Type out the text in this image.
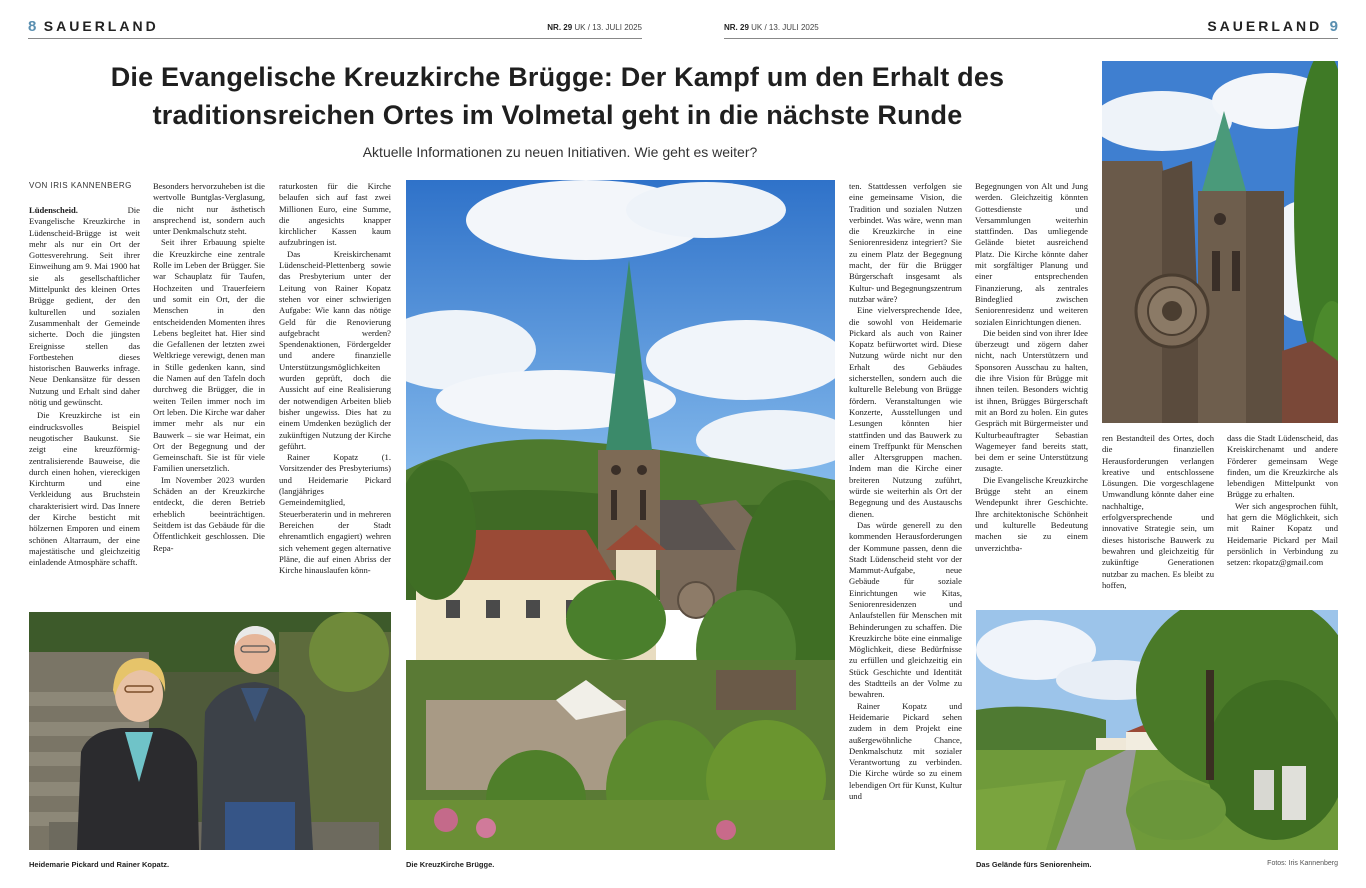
8 SAUERLAND	NR. 29 UK / 13. JULI 2025	NR. 29 UK / 13. JULI 2025	SAUERLAND 9
Die Evangelische Kreuzkirche Brügge: Der Kampf um den Erhalt des
traditionsreichen Ortes im Volmetal geht in die nächste Runde
Aktuelle Informationen zu neuen Initiativen. Wie geht es weiter?
VON IRIS KANNENBERG

Lüdenscheid. Die Evangelische Kreuzkirche in Lüdenscheid-Brügge ist weit mehr als nur ein Ort der Gottesverehrung. Seit ihrer Einweihung am 9. Mai 1900 hat sie als gesellschaftlicher Mittelpunkt des kleinen Ortes Brügge gedient, der den kulturellen und sozialen Zusammenhalt der Gemeinde sicherte. Doch die jüngsten Ereignisse stellen das Fortbestehen dieses historischen Bauwerks infrage. Neue Denkansätze für dessen Nutzung und Erhalt sind daher nötig und gewünscht.

Die Kreuzkirche ist ein eindrucksvolles Beispiel neugotischer Baukunst. Sie zeigt eine kreuzförmig-zentralisierende Bauweise, die durch einen hohen, viereckigen Kirchturm und eine Verkleidung aus Bruchstein charakterisiert wird. Das Innere der Kirche besticht mit hölzernen Emporen und einem schönen Altarraum, der eine majestätische und gleichzeitig einladende Atmosphäre schafft.

Besonders hervorzuheben ist die wertvolle Buntglas-Verglasung, die nicht nur ästhetisch ansprechend ist, sondern auch unter Denkmalschutz steht.

Seit ihrer Erbauung spielte die Kreuzkirche eine zentrale Rolle im Leben der Brügger. Sie war Schauplatz für Taufen, Hochzeiten und Trauerfeiern und somit ein Ort, der die Menschen in den entscheidenden Momenten ihres Lebens begleitet hat. Hier sind die Gefallenen der letzten zwei Weltkriege verewigt, denen man in Stille gedenken kann, sind die Namen auf den Tafeln doch durchweg die Brügger, die in weiten Teilen immer noch im Ort leben. Die Kirche war daher immer mehr als nur ein Bauwerk – sie war Heimat, ein Ort der Begegnung und der Gemeinschaft. Sie ist für viele Familien unersetzlich.

Im November 2023 wurden Schäden an der Kreuzkirche entdeckt, die deren Betrieb erheblich beeinträchtigen. Seitdem ist das Gebäude für die Öffentlichkeit geschlossen. Die Repa-

raturkosten für die Kirche belaufen sich auf fast zwei Millionen Euro, eine Summe, die angesichts knapper kirchlicher Kassen kaum aufzubringen ist.

Das Kreiskirchenamt Lüdenscheid-Plettenberg sowie das Presbyterium unter der Leitung von Rainer Kopatz stehen vor einer schwierigen Aufgabe: Wie kann das nötige Geld für die Renovierung aufgebracht werden? Spendenaktionen, Fördergelder und andere finanzielle Unterstützungsmöglichkeiten wurden geprüft, doch die Aussicht auf eine Realisierung der notwendigen Arbeiten blieb bisher ungewiss. Dies hat zu einem Umdenken bezüglich der zukünftigen Nutzung der Kirche geführt.

Rainer Kopatz (1. Vorsitzender des Presbyteriums) und Heidemarie Pickard (langjähriges Gemeindemitglied, Steuerberaterin und in mehreren Bereichen der Stadt ehrenamtlich engagiert) wehren sich vehement gegen alternative Pläne, die auf einen Abriss der Kirche hinauslaufen könn-

Heidemarie Pickard und Rainer Kopatz.	Die KreuzKirche Brügge.

ten. Stattdessen verfolgen sie eine gemeinsame Vision, die Tradition und sozialen Nutzen verbindet. Was wäre, wenn man die Kreuzkirche in eine Seniorenresidenz integriert? Sie zu einem Platz der Begegnung macht, der für die Brügger Bürgerschaft insgesamt als Kultur- und Begegnungszentrum nutzbar wäre?

Eine vielversprechende Idee, die sowohl von Heidemarie Pickard als auch von Rainer Kopatz befürwortet wird. Diese Nutzung würde nicht nur den Erhalt des Gebäudes sicherstellen, sondern auch die kulturelle Belebung von Brügge fördern. Veranstaltungen wie Konzerte, Ausstellungen und Lesungen könnten hier stattfinden und das Bauwerk zu einem Treffpunkt für Menschen aller Altersgruppen machen. Indem man die Kirche einer breiteren Nutzung zuführt, würde sie weiterhin als Ort der Begegnung und des Austauschs dienen.

Das würde generell zu den kommenden Herausforderungen der Kommune passen, denn die Stadt Lüdenscheid steht vor der Mammut-Aufgabe, neue Gebäude für soziale Einrichtungen wie Kitas, Seniorenresidenzen und Anlaufstellen für Menschen mit Behinderungen zu schaffen. Die Kreuzkirche böte eine einmalige Möglichkeit, diese Bedürfnisse zu erfüllen und gleichzeitig ein Stück Geschichte und Identität des Stadtteils an der Volme zu bewahren.

Rainer Kopatz und Heidemarie Pickard sehen zudem in dem Projekt eine außergewöhnliche Chance, Denkmalschutz mit sozialer Verantwortung zu verbinden. Die Kirche würde so zu einem lebendigen Ort für Kunst, Kultur und

Begegnungen von Alt und Jung werden. Gleichzeitig könnten Gottesdienste und Versammlungen weiterhin stattfinden. Das umliegende Gelände bietet ausreichend Platz. Die Kirche könnte daher mit sorgfältiger Planung und einer entsprechenden Finanzierung, als zentrales Bindeglied zwischen Seniorenresidenz und weiteren sozialen Einrichtungen dienen.

Die beiden sind von ihrer Idee überzeugt und zögern daher nicht, nach Unterstützern und Sponsoren Ausschau zu halten, die ihre Vision für Brügge mit ihnen teilen. Besonders wichtig ist ihnen, Brügges Bürgerschaft mit an Bord zu holen. Ein gutes Gespräch mit Bürgermeister und Kulturbeauftragter Sebastian Wagemeyer fand bereits statt, bei dem er seine Unterstützung zusagte.

Die Evangelische Kreuzkirche Brügge steht an einem Wendepunkt ihrer Geschichte. Ihre architektonische Schönheit und kulturelle Bedeutung machen sie zu einem unverzichtba-

ren Bestandteil des Ortes, doch die finanziellen Herausforderungen verlangen kreative und entschlossene Lösungen. Die vorgeschlagene Umwandlung könnte daher eine nachhaltige, erfolgversprechende und innovative Strategie sein, um dieses historische Bauwerk zu bewahren und gleichzeitig für zukünftige Generationen nutzbar zu machen. Es bleibt zu hoffen,

dass die Stadt Lüdenscheid, das Kreiskirchenamt und andere Förderer gemeinsam Wege finden, um die Kreuzkirche als lebendigen Mittelpunkt von Brügge zu erhalten.

Wer sich angesprochen fühlt, hat gern die Möglichkeit, sich mit Rainer Kopatz und Heidemarie Pickard per Mail persönlich in Verbindung zu setzen: rkopatz@gmail.com

Das Gelände fürs Seniorenheim.	Fotos: Iris Kannenberg
